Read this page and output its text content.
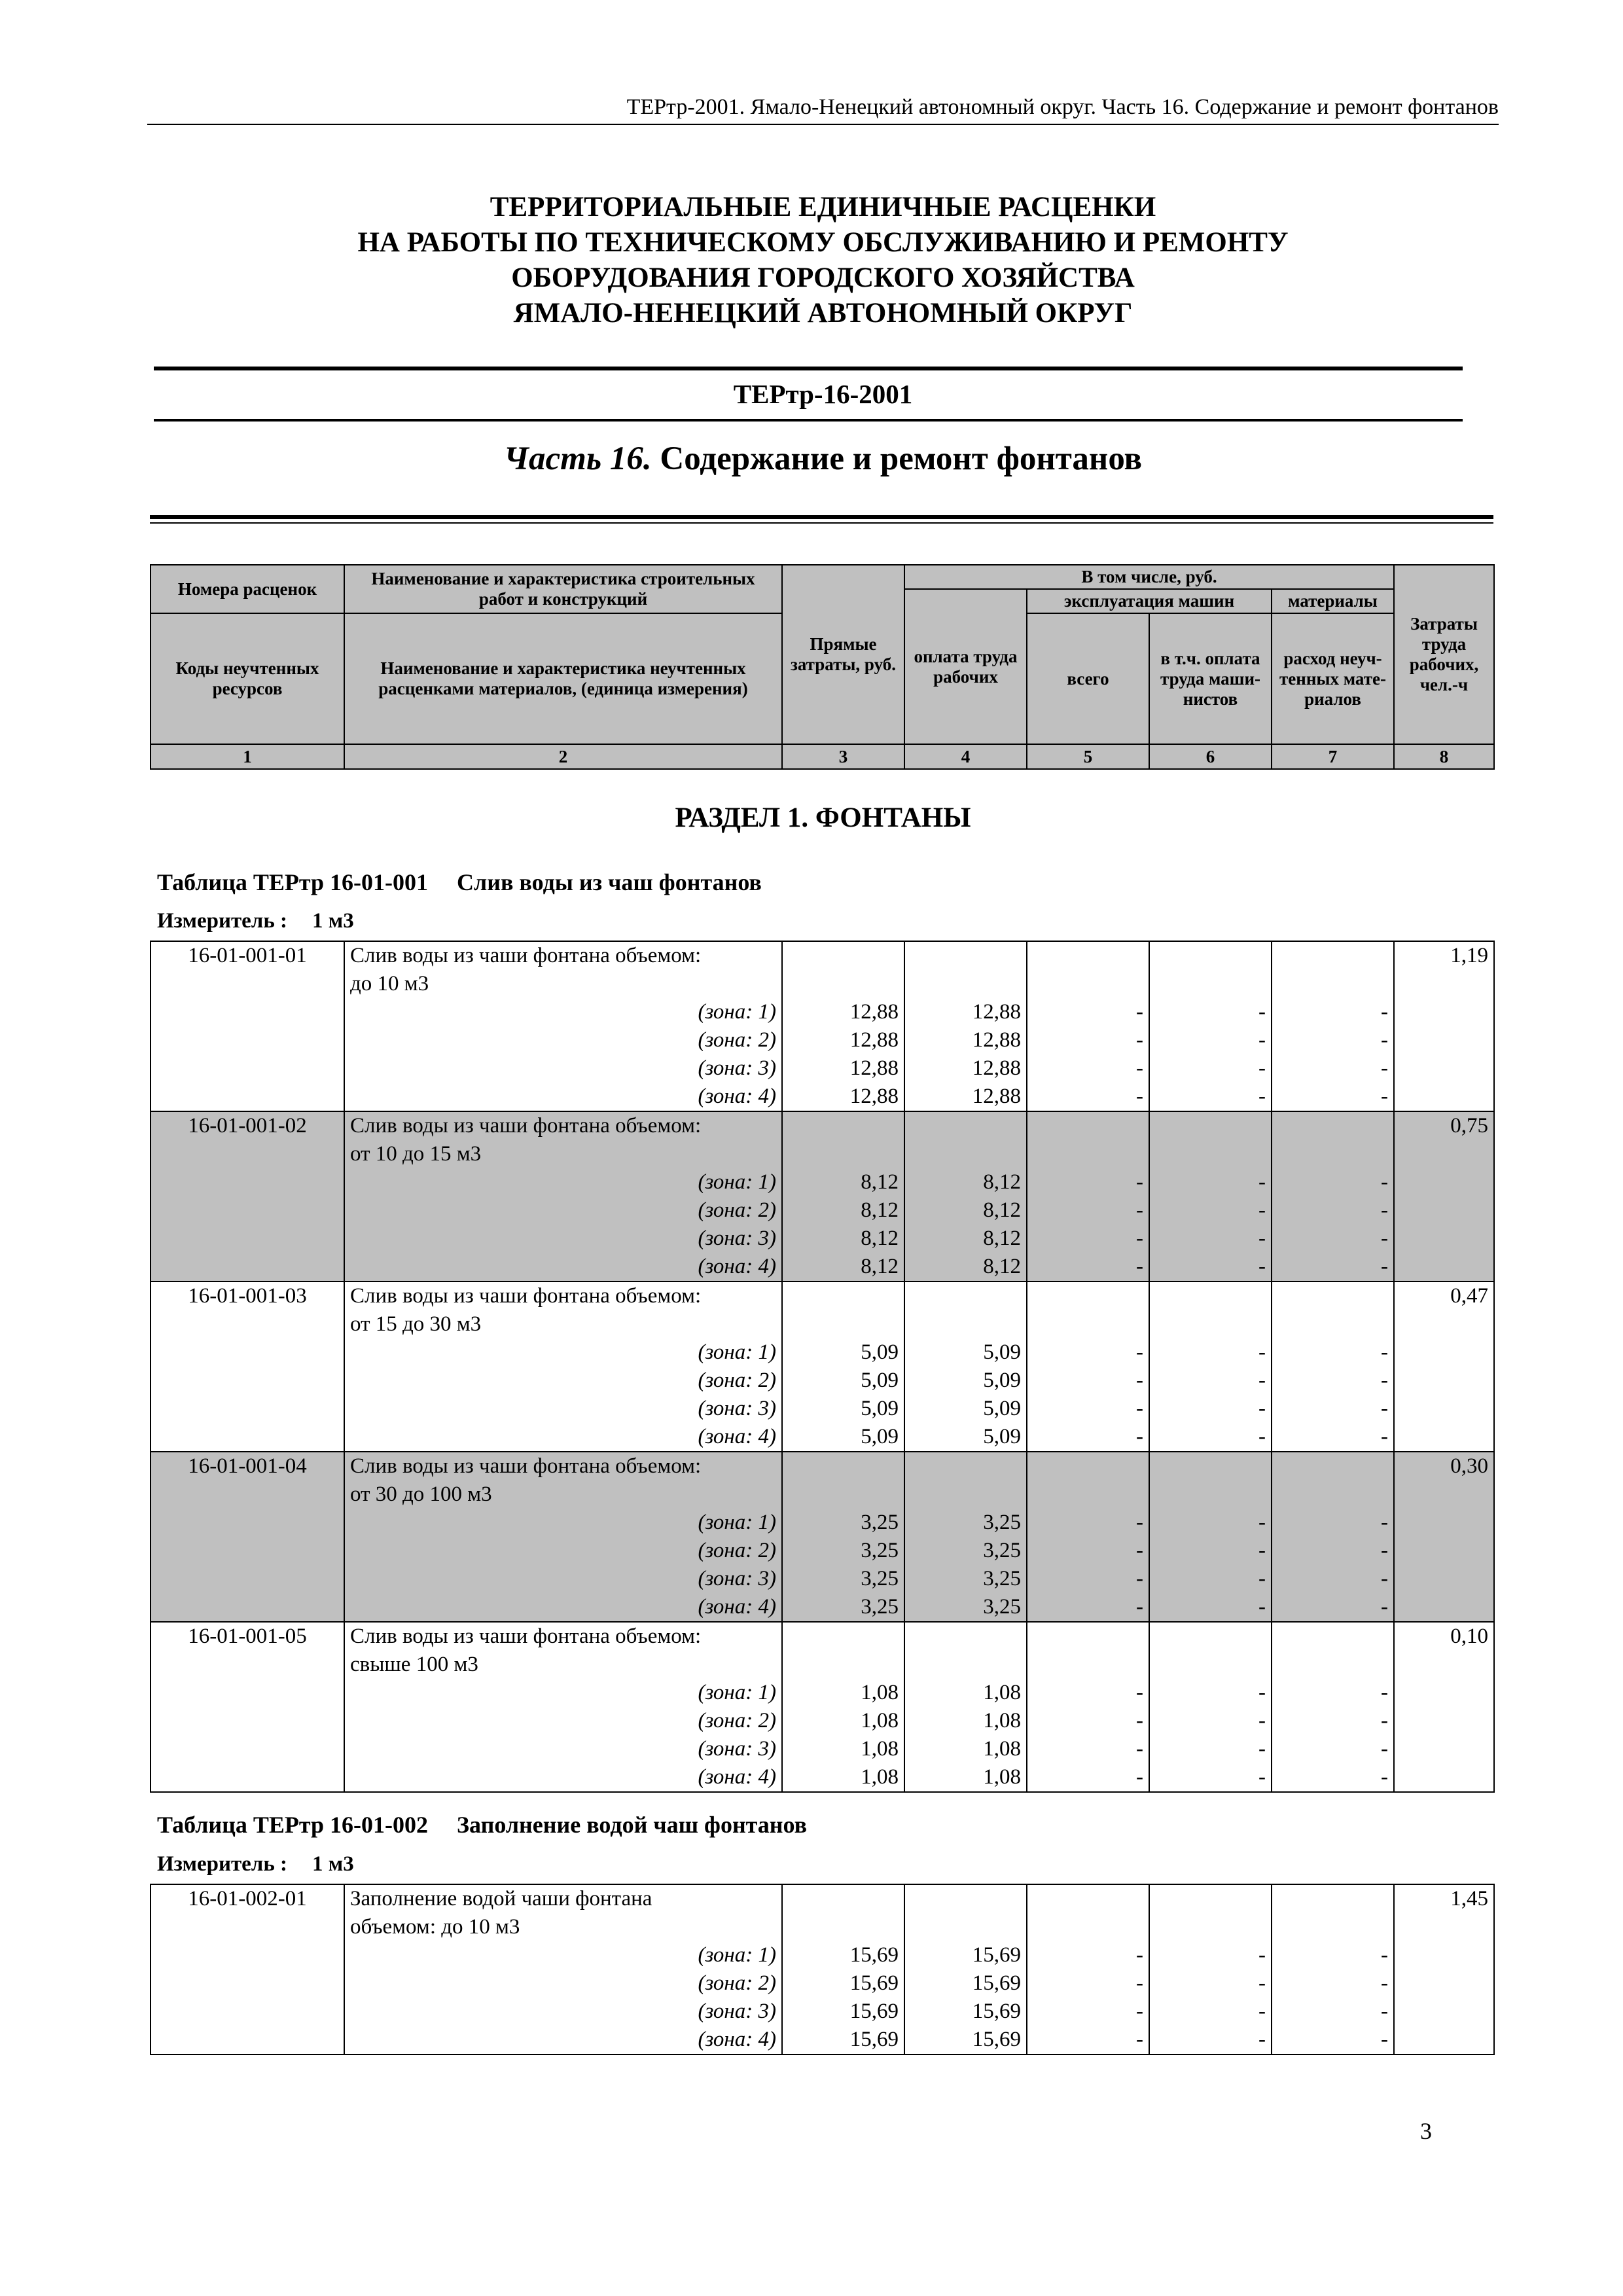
ТЕРтр-2001. Ямало-Ненецкий автономный округ. Часть 16. Содержание и ремонт фонтанов
ТЕРРИТОРИАЛЬНЫЕ ЕДИНИЧНЫЕ РАСЦЕНКИ
НА РАБОТЫ ПО ТЕХНИЧЕСКОМУ ОБСЛУЖИВАНИЮ И РЕМОНТУ
ОБОРУДОВАНИЯ ГОРОДСКОГО ХОЗЯЙСТВА
ЯМАЛО-НЕНЕЦКИЙ АВТОНОМНЫЙ ОКРУГ
ТЕРтр-16-2001
Часть 16. Содержание и ремонт фонтанов
Номера расценок	Наименование и характеристика строительных работ и конструкций	Прямые затраты, руб.	В том числе, руб.				Затраты труда рабочих, чел.-ч
			оплата труда рабочих	эксплуатация машин		материалы	
Коды неучтенных ресурсов	Наименование и характеристика неучтенных расценками материалов, (единица измерения)			всего	в т.ч. оплата труда маши-нистов	расход неуч-тенных мате-риалов	
1	2	3	4	5	6	7	8
РАЗДЕЛ 1. ФОНТАНЫ
Таблица ТЕРтр 16-01-001 Слив воды из чаш фонтанов
Измеритель : 1 м3
16-01-001-01	Слив воды из чаши фонтана объемом:						1,19
	до 10 м3						
	(зона: 1)	12,88	12,88	-	-	-	
	(зона: 2)	12,88	12,88	-	-	-	
	(зона: 3)	12,88	12,88	-	-	-	
	(зона: 4)	12,88	12,88	-	-	-	
16-01-001-02	Слив воды из чаши фонтана объемом:						0,75
	от 10 до 15 м3						
	(зона: 1)	8,12	8,12	-	-	-	
	(зона: 2)	8,12	8,12	-	-	-	
	(зона: 3)	8,12	8,12	-	-	-	
	(зона: 4)	8,12	8,12	-	-	-	
16-01-001-03	Слив воды из чаши фонтана объемом:						0,47
	от 15 до 30 м3						
	(зона: 1)	5,09	5,09	-	-	-	
	(зона: 2)	5,09	5,09	-	-	-	
	(зона: 3)	5,09	5,09	-	-	-	
	(зона: 4)	5,09	5,09	-	-	-	
16-01-001-04	Слив воды из чаши фонтана объемом:						0,30
	от 30 до 100 м3						
	(зона: 1)	3,25	3,25	-	-	-	
	(зона: 2)	3,25	3,25	-	-	-	
	(зона: 3)	3,25	3,25	-	-	-	
	(зона: 4)	3,25	3,25	-	-	-	
16-01-001-05	Слив воды из чаши фонтана объемом:						0,10
	свыше 100 м3						
	(зона: 1)	1,08	1,08	-	-	-	
	(зона: 2)	1,08	1,08	-	-	-	
	(зона: 3)	1,08	1,08	-	-	-	
	(зона: 4)	1,08	1,08	-	-	-	
Таблица ТЕРтр 16-01-002 Заполнение водой чаш фонтанов
Измеритель : 1 м3
16-01-002-01	Заполнение водой чаши фонтана						1,45
	объемом: до 10 м3						
	(зона: 1)	15,69	15,69	-	-	-	
	(зона: 2)	15,69	15,69	-	-	-	
	(зона: 3)	15,69	15,69	-	-	-	
	(зона: 4)	15,69	15,69	-	-	-	
3
